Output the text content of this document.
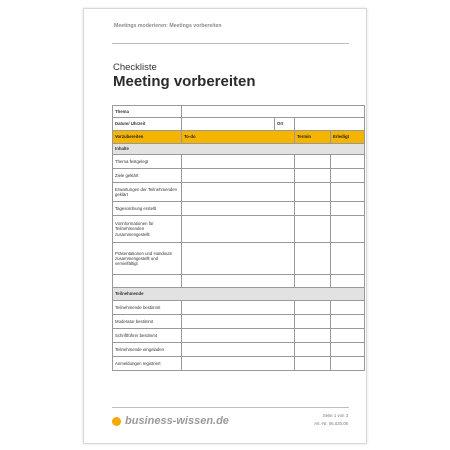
Meetings moderieren: Meetings vorbereiten
Checkliste
Meeting vorbereiten
Thema				
Datum/ Uhrzeit		Ort		
Vorzubereiten	To-do		Termin	Erledigt
Inhalte				
Thema festgelegt				
Ziele geklärt				
Erwartungen der Teilnehmenden geklärt				
Tagesordnung erstellt				
Vorinformationen für Teilnehmenden zusammengestellt				
Präsentationen und Handouts zusammengestellt und vervielfältigt				

Teilnehmende				
Teilnehmende bestimmt				
Moderator bestimmt				
Schriftführer bestimmt				
Teilnehmende eingeladen				
Anmeldungen registriert				
business-wissen.de	Seite 1 von 3
Art.-Nr. 06.020.06
